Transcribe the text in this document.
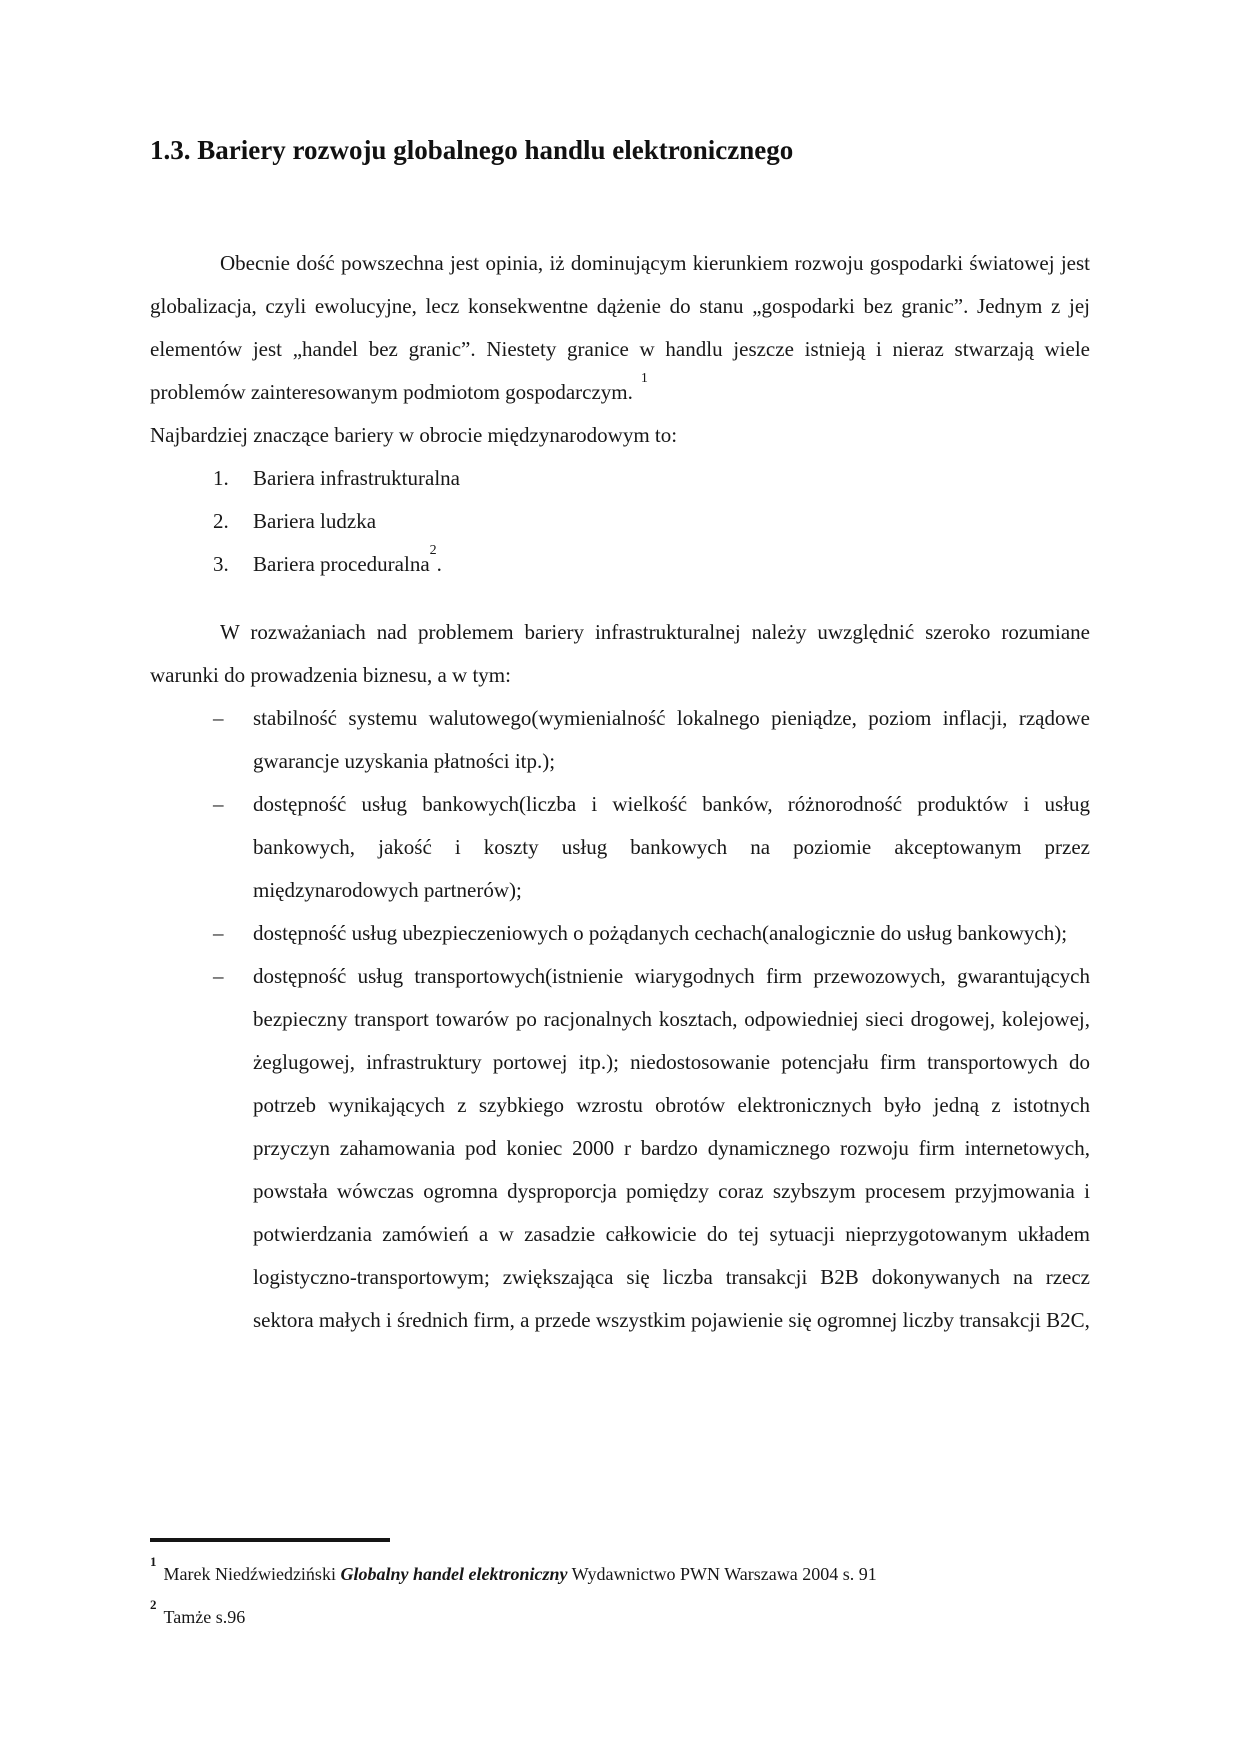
1.3. Bariery rozwoju globalnego handlu elektronicznego

Obecnie dość powszechna jest opinia, iż dominującym kierunkiem rozwoju gospodarki światowej jest globalizacja, czyli ewolucyjne, lecz konsekwentne dążenie do stanu „gospodarki bez granic”. Jednym z jej elementów jest „handel bez granic”. Niestety granice w handlu jeszcze istnieją i nieraz stwarzają wiele problemów zainteresowanym podmiotom gospodarczym.$^1$

Najbardziej znaczące bariery w obrocie międzynarodowym to:

1.	Bariera infrastrukturalna
2.	Bariera ludzka
3.	Bariera proceduralna$^2$.

W rozważaniach nad problemem bariery infrastrukturalnej należy uwzględnić szeroko rozumiane warunki do prowadzenia biznesu, a w tym:

–	stabilność systemu walutowego(wymienialność lokalnego pieniądze, poziom inflacji, rządowe gwarancje uzyskania płatności itp.);
–	dostępność usług bankowych(liczba i wielkość banków, różnorodność produktów i usług bankowych, jakość i koszty usług bankowych na poziomie akceptowanym przez międzynarodowych partnerów);
–	dostępność usług ubezpieczeniowych o pożądanych cechach(analogicznie do usług bankowych);
–	dostępność usług transportowych(istnienie wiarygodnych firm przewozowych, gwarantujących bezpieczny transport towarów po racjonalnych kosztach, odpowiedniej sieci drogowej, kolejowej, żeglugowej, infrastruktury portowej itp.); niedostosowanie potencjału firm transportowych do potrzeb wynikających z szybkiego wzrostu obrotów elektronicznych było jedną z istotnych przyczyn zahamowania pod koniec 2000 r bardzo dynamicznego rozwoju firm internetowych, powstała wówczas ogromna dysproporcja pomiędzy coraz szybszym procesem przyjmowania i potwierdzania zamówień a w zasadzie całkowicie do tej sytuacji nieprzygotowanym układem logistyczno-transportowym; zwiększająca się liczba transakcji B2B dokonywanych na rzecz sektora małych i średnich firm, a przede wszystkim pojawienie się ogromnej liczby transakcji B2C,

$^1$Marek Niedźwiedziński Globalny handel elektroniczny Wydawnictwo PWN Warszawa 2004 s. 91

$^2$Tamże s.96
